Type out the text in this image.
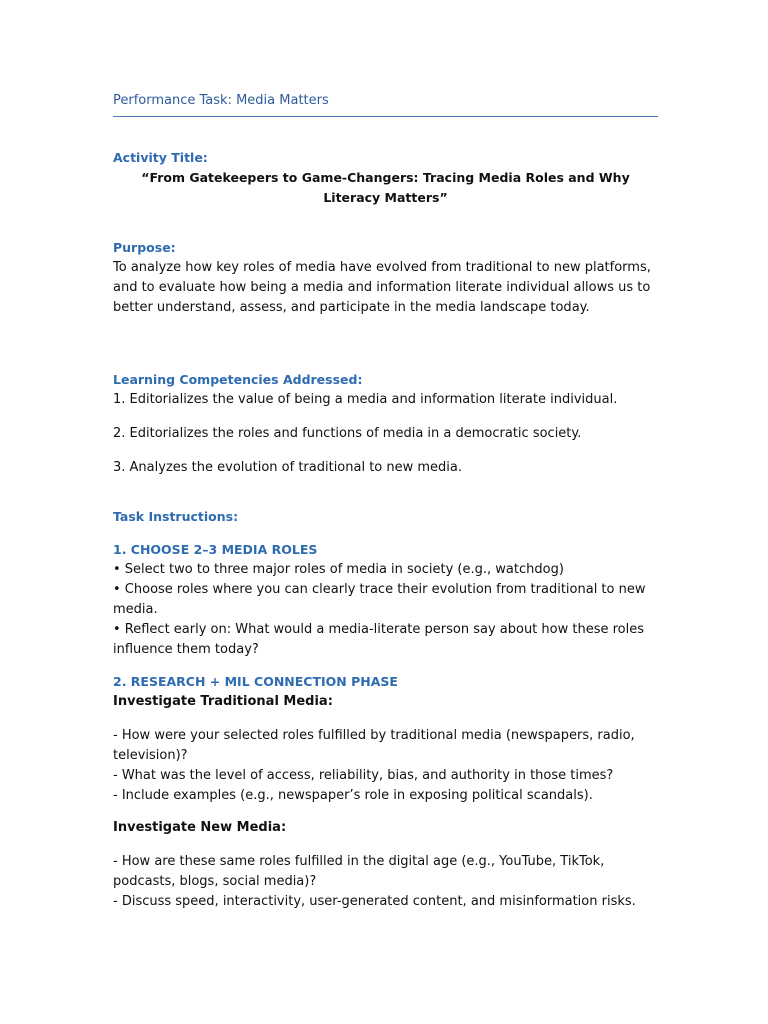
Performance Task: Media Matters

Activity Title:

“From Gatekeepers to Game-Changers: Tracing Media Roles and Why Literacy Matters”

Purpose:

To analyze how key roles of media have evolved from traditional to new platforms, and to evaluate how being a media and information literate individual allows us to better understand, assess, and participate in the media landscape today.

Learning Competencies Addressed:

1. Editorializes the value of being a media and information literate individual.

2. Editorializes the roles and functions of media in a democratic society.

3. Analyzes the evolution of traditional to new media.

Task Instructions:

1. CHOOSE 2–3 MEDIA ROLES

• Select two to three major roles of media in society (e.g., watchdog)

• Choose roles where you can clearly trace their evolution from traditional to new media.

• Reflect early on: What would a media-literate person say about how these roles influence them today?

2. RESEARCH + MIL CONNECTION PHASE

Investigate Traditional Media:

- How were your selected roles fulfilled by traditional media (newspapers, radio, television)?

- What was the level of access, reliability, bias, and authority in those times?

- Include examples (e.g., newspaper’s role in exposing political scandals).

Investigate New Media:

- How are these same roles fulfilled in the digital age (e.g., YouTube, TikTok, podcasts, blogs, social media)?

- Discuss speed, interactivity, user-generated content, and misinformation risks.
